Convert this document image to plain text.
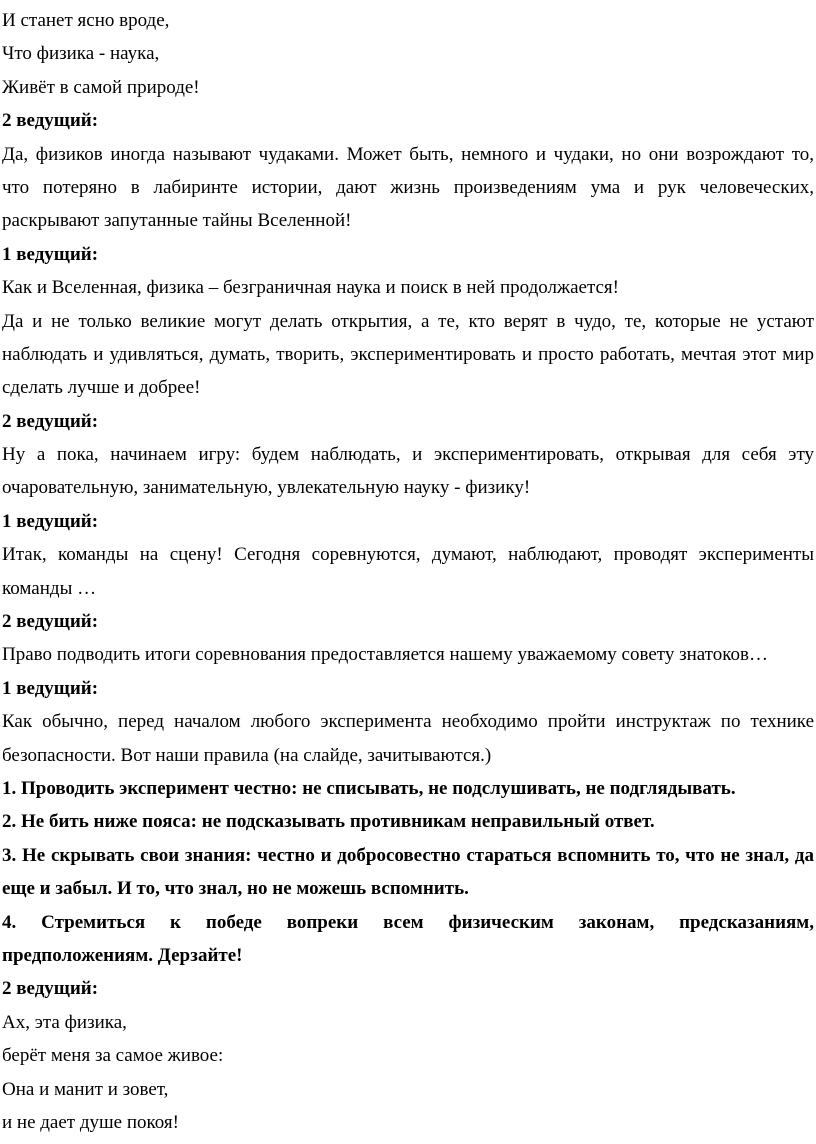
И станет ясно вроде,

Что физика - наука,

Живёт в самой природе!

2 ведущий:

Да, физиков иногда называют чудаками. Может быть, немного и чудаки, но они возрождают то,

что потеряно в лабиринте истории, дают жизнь произведениям ума и рук человеческих,

раскрывают запутанные тайны Вселенной!

1 ведущий:

Как и Вселенная, физика – безграничная наука и поиск в ней продолжается!

Да и не только великие могут делать открытия, а те, кто верят в чудо, те, которые не устают

наблюдать и удивляться, думать, творить, экспериментировать и просто работать, мечтая этот мир

сделать лучше и добрее!

2 ведущий:

Ну а пока, начинаем игру: будем наблюдать, и экспериментировать, открывая для себя эту

очаровательную, занимательную, увлекательную науку - физику!

1 ведущий:

Итак, команды на сцену! Сегодня соревнуются, думают, наблюдают, проводят эксперименты

команды …

2 ведущий:

Право подводить итоги соревнования предоставляется нашему уважаемому совету знатоков…

1 ведущий:

Как обычно, перед началом любого эксперимента необходимо пройти инструктаж по технике

безопасности. Вот наши правила (на слайде, зачитываются.)

1. Проводить эксперимент честно: не списывать, не подслушивать, не подглядывать.

2. Не бить ниже пояса: не подсказывать противникам неправильный ответ.

3. Не скрывать свои знания: честно и добросовестно стараться вспомнить то, что не знал, да

еще и забыл. И то, что знал, но не можешь вспомнить.

4. Стремиться к победе вопреки всем физическим законам, предсказаниям,

предположениям. Дерзайте!

2 ведущий:

Ах, эта физика,

берёт меня за самое живое:

Она и манит и зовет,

и не дает душе покоя!
